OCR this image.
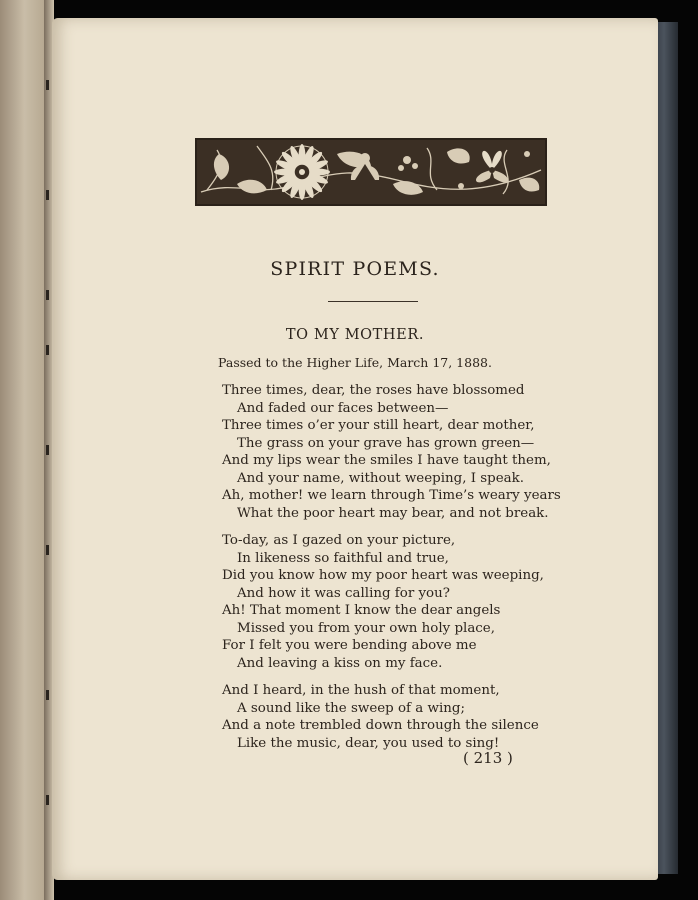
SPIRIT POEMS.
TO MY MOTHER.
Passed to the Higher Life, March 17, 1888.
Three times, dear, the roses have blossomed
And faded our faces between—
Three times o’er your still heart, dear mother,
The grass on your grave has grown green—
And my lips wear the smiles I have taught them,
And your name, without weeping, I speak.
Ah, mother! we learn through Time’s weary years
What the poor heart may bear, and not break.
To-day, as I gazed on your picture,
In likeness so faithful and true,
Did you know how my poor heart was weeping,
And how it was calling for you?
Ah! That moment I know the dear angels
Missed you from your own holy place,
For I felt you were bending above me
And leaving a kiss on my face.
And I heard, in the hush of that moment,
A sound like the sweep of a wing;
And a note trembled down through the silence
Like the music, dear, you used to sing!
( 213 )
